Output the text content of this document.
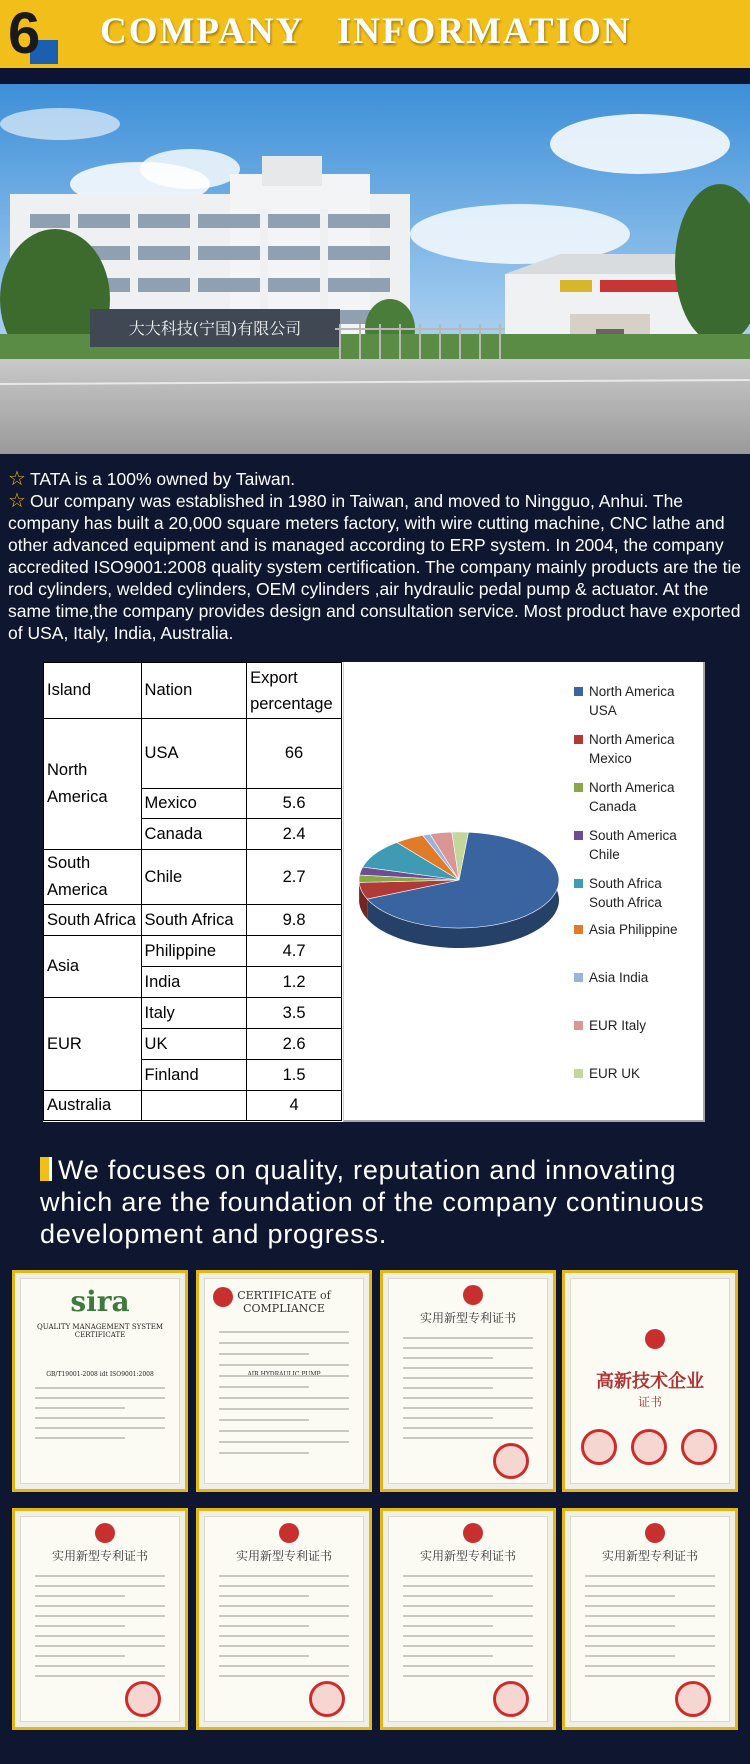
6 COMPANY   INFORMATION
大大科技(宁国)有限公司

☆ TATA is a 100% owned by Taiwan.

☆ Our company was established in 1980 in Taiwan, and moved to Ningguo, Anhui. The company has built a 20,000 square meters factory, with wire cutting machine, CNC lathe and other advanced equipment and is managed according to ERP system. In 2004, the company accredited ISO9001:2008 quality system certification. The company mainly products are the tie rod cylinders, welded cylinders, OEM cylinders ,air hydraulic pedal pump & actuator. At the same time,the company provides design and consultation service. Most product have exported of USA, Italy, India, Australia.

Island	Nation	Export percentage
North America	USA	66
	Mexico	5.6
	Canada	2.4
South America	Chile	2.7
South Africa	South Africa	9.8
Asia	Philippine	4.7
	India	1.2
EUR	Italy	3.5
	UK	2.6
	Finland	1.5
Australia		4
North America
USA
North America
Mexico
North America
Canada
South America
Chile
South Africa
South Africa
Asia Philippine
Asia India
EUR Italy
EUR UK
We focuses on quality, reputation and innovating which are the foundation of the company continuous development and progress.
sira
QUALITY MANAGEMENT SYSTEM CERTIFICATE
GB/T19001-2008 idt ISO9001:2008
CERTIFICATE of COMPLIANCE
实用新型专利证书
高新技术企业
证书
实用新型专利证书	实用新型专利证书	实用新型专利证书	实用新型专利证书
